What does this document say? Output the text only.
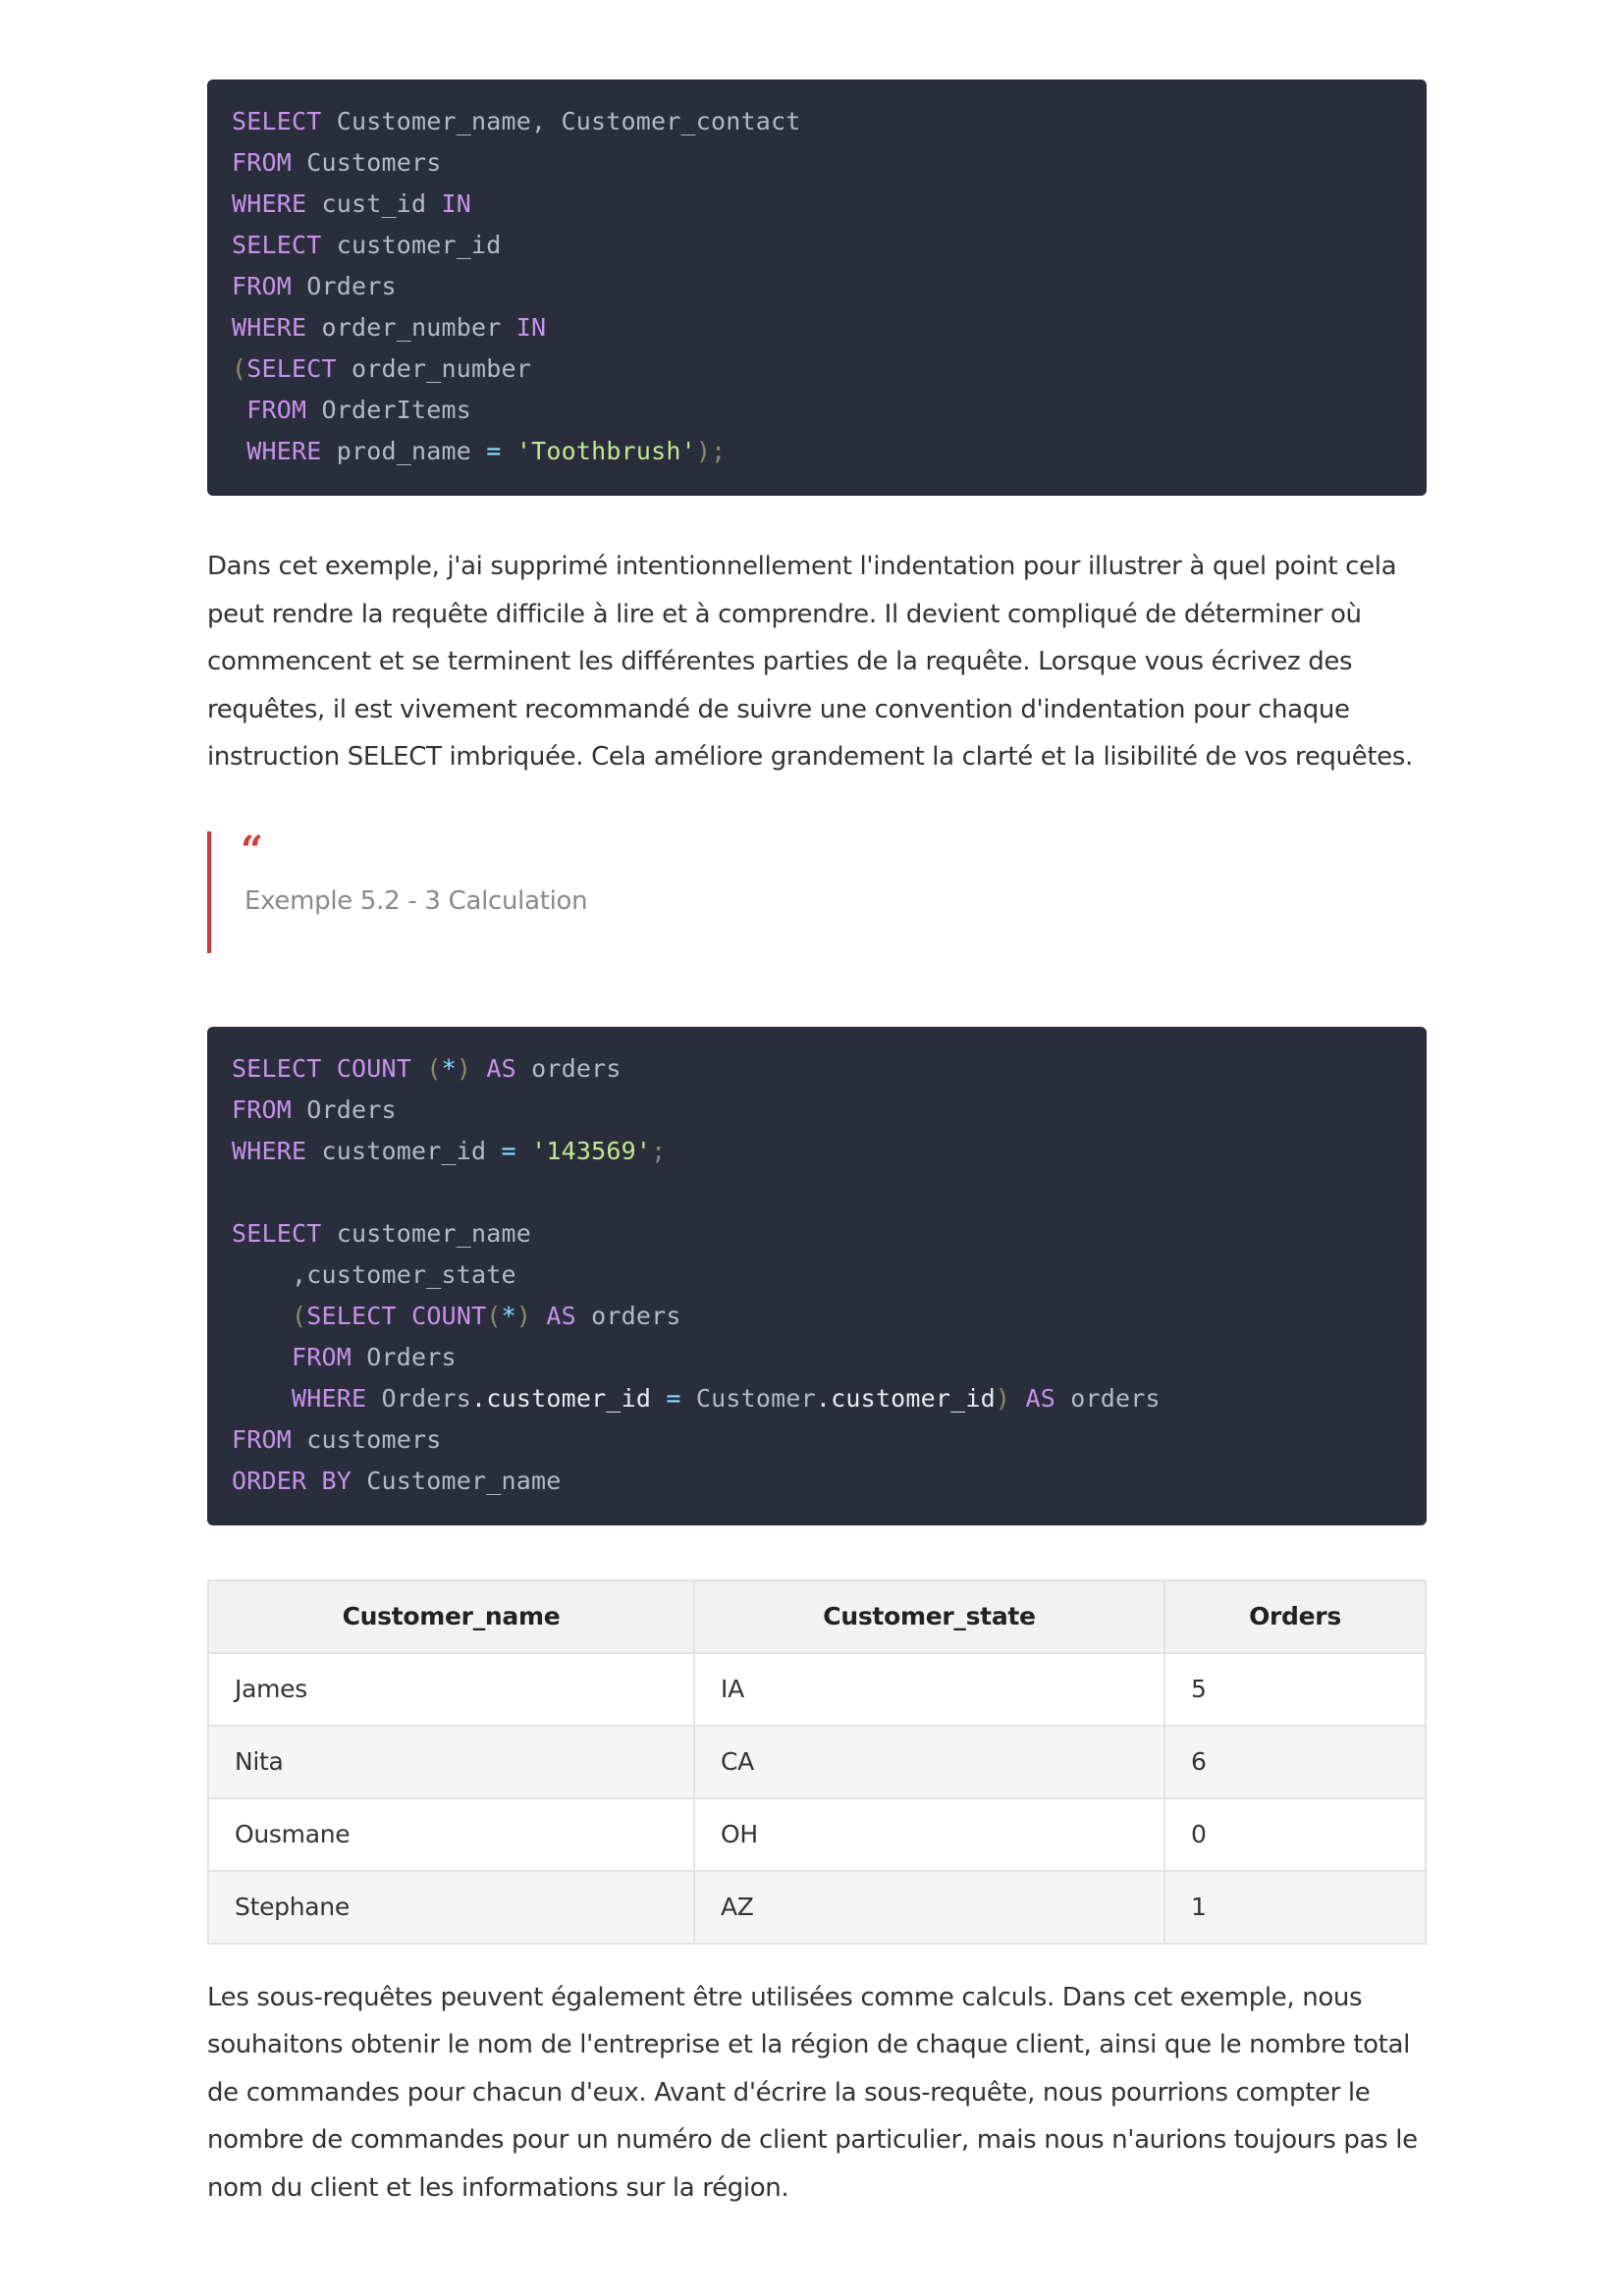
SELECT Customer_name, Customer_contact
FROM Customers
WHERE cust_id IN
SELECT customer_id
FROM Orders
WHERE order_number IN
(SELECT order_number
FROM OrderItems
WHERE prod_name = 'Toothbrush');

Dans cet exemple, j'ai supprimé intentionnellement l'indentation pour illustrer à quel point cela peut rendre la requête difficile à lire et à comprendre. Il devient compliqué de déterminer où commencent et se terminent les différentes parties de la requête. Lorsque vous écrivez des requêtes, il est vivement recommandé de suivre une convention d'indentation pour chaque instruction SELECT imbriquée. Cela améliore grandement la clarté et la lisibilité de vos requêtes.

“
Exemple 5.2 - 3 Calculation
SELECT COUNT (*) AS orders
FROM Orders
WHERE customer_id = '143569';
SELECT customer_name
,customer_state
(SELECT COUNT(*) AS orders
FROM Orders
WHERE Orders.customer_id = Customer.customer_id) AS orders
FROM customers
ORDER BY Customer_name
Customer_name	Customer_state	Orders
James	IA	5
Nita	CA	6
Ousmane	OH	0
Stephane	AZ	1

Les sous-requêtes peuvent également être utilisées comme calculs. Dans cet exemple, nous souhaitons obtenir le nom de l'entreprise et la région de chaque client, ainsi que le nombre total de commandes pour chacun d'eux. Avant d'écrire la sous-requête, nous pourrions compter le nombre de commandes pour un numéro de client particulier, mais nous n'aurions toujours pas le nom du client et les informations sur la région.
